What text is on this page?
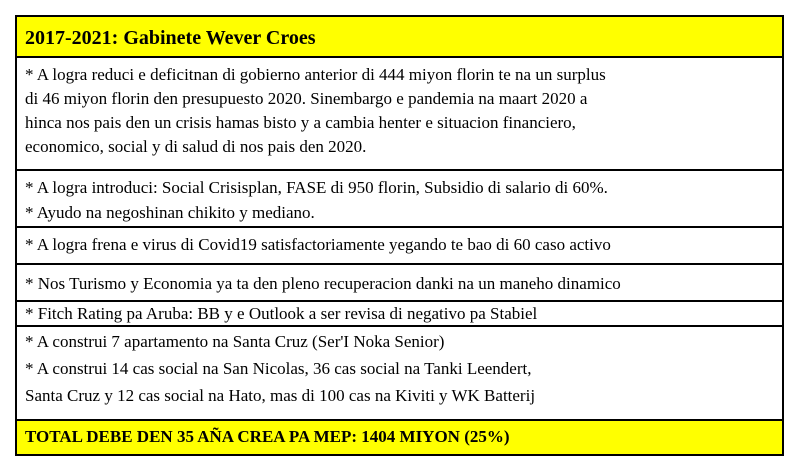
2017-2021: Gabinete Wever Croes
* A logra reduci e deficitnan di gobierno anterior di 444 miyon florin te na un surplus
di 46 miyon florin den presupuesto 2020. Sinembargo e pandemia na maart 2020 a
hinca nos pais den un crisis hamas bisto y a cambia henter e situacion financiero,
economico, social y di salud di nos pais den 2020.
* A logra introduci: Social Crisisplan, FASE di 950 florin, Subsidio di salario di 60%.
* Ayudo na negoshinan chikito y mediano.
* A logra frena e virus di Covid19 satisfactoriamente yegando te bao di 60 caso activo
* Nos Turismo y Economia ya ta den pleno recuperacion danki na un maneho dinamico
* Fitch Rating pa Aruba: BB y e Outlook a ser revisa di negativo pa Stabiel
* A construi 7 apartamento na Santa Cruz (Ser'I Noka Senior)
* A construi 14 cas social na San Nicolas, 36 cas social na Tanki Leendert,
Santa Cruz y 12 cas social na Hato, mas di 100 cas na Kiviti y WK Batterij
TOTAL DEBE DEN 35 AÑA CREA PA MEP: 1404 MIYON (25%)
